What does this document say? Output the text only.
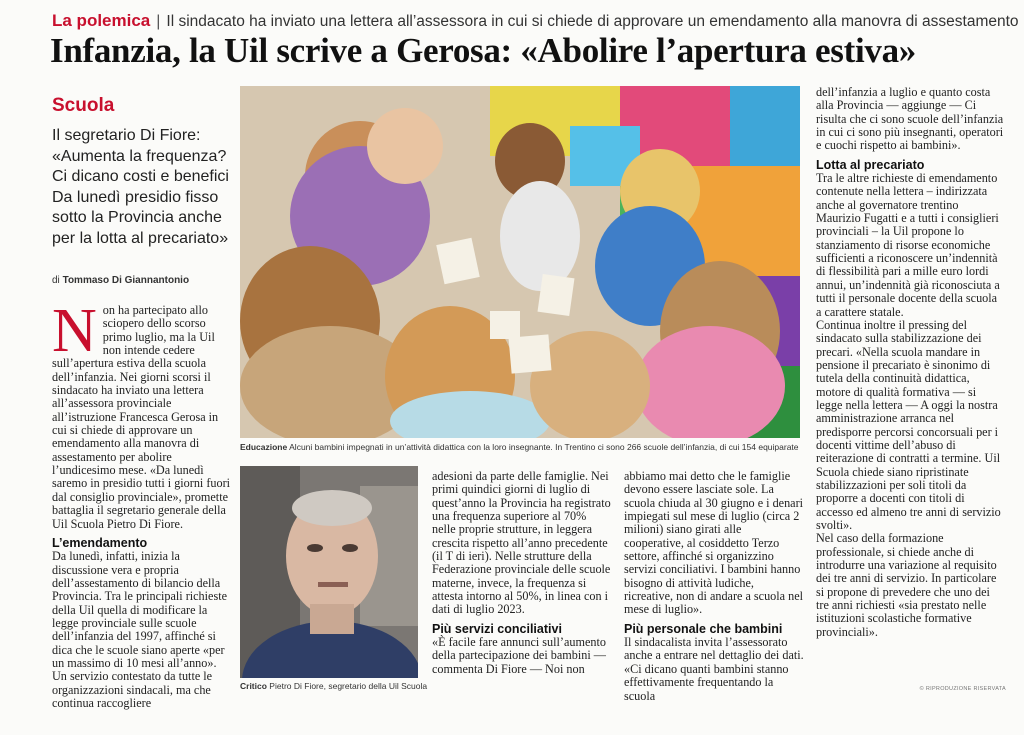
La polemica | Il sindacato ha inviato una lettera all’assessora in cui si chiede di approvare un emendamento alla manovra di assestamento
Infanzia, la Uil scrive a Gerosa: «Abolire l’apertura estiva»
Scuola
Il segretario Di Fiore: «Aumenta la frequenza? Ci dicano costi e benefici Da lunedì presidio fisso sotto la Provincia anche per la lotta al precariato»
di Tommaso Di Giannantonio

Non ha partecipato allo sciopero dello scorso primo luglio, ma la Uil non intende cedere sull’apertura estiva della scuola dell’infanzia. Nei giorni scorsi il sindacato ha inviato una lettera all’assessora provinciale all’istruzione Francesca Gerosa in cui si chiede di approvare un emendamento alla manovra di assestamento per abolire l’undicesimo mese. «Da lunedì saremo in presidio tutti i giorni fuori dal consiglio provinciale», promette battaglia il segretario generale della Uil Scuola Pietro Di Fiore.

L’emendamento

Da lunedì, infatti, inizia la discussione vera e propria dell’assestamento di bilancio della Provincia. Tra le principali richieste della Uil quella di modificare la legge provinciale sulle scuole dell’infanzia del 1997, affinché si dica che le scuole siano aperte «per un massimo di 10 mesi all’anno». Un servizio contestato da tutte le organizzazioni sindacali, ma che continua raccogliere

Educazione Alcuni bambini impegnati in un’attività didattica con la loro insegnante. In Trentino ci sono 266 scuole dell’infanzia, di cui 154 equiparate
Critico Pietro Di Fiore, segretario della Uil Scuola

adesioni da parte delle famiglie. Nei primi quindici giorni di luglio di quest’anno la Provincia ha registrato una frequenza superiore al 70% nelle proprie strutture, in leggera crescita rispetto all’anno precedente (il T di ieri). Nelle strutture della Federazione provinciale delle scuole materne, invece, la frequenza si attesta intorno al 50%, in linea con i dati di luglio 2023.

Più servizi conciliativi

«È facile fare annunci sull’aumento della partecipazione dei bambini — commenta Di Fiore — Noi non

abbiamo mai detto che le famiglie devono essere lasciate sole. La scuola chiuda al 30 giugno e i denari impiegati sul mese di luglio (circa 2 milioni) siano girati alle cooperative, al cosiddetto Terzo settore, affinché si organizzino servizi conciliativi. I bambini hanno bisogno di attività ludiche, ricreative, non di andare a scuola nel mese di luglio».

Più personale che bambini

Il sindacalista invita l’assessorato anche a entrare nel dettaglio dei dati. «Ci dicano quanti bambini stanno effettivamente frequentando la scuola

dell’infanzia a luglio e quanto costa alla Provincia — aggiunge — Ci risulta che ci sono scuole dell’infanzia in cui ci sono più insegnanti, operatori e cuochi rispetto ai bambini».

Lotta al precariato

Tra le altre richieste di emendamento contenute nella lettera – indirizzata anche al governatore trentino Maurizio Fugatti e a tutti i consiglieri provinciali – la Uil propone lo stanziamento di risorse economiche sufficienti a riconoscere un’indennità di flessibilità pari a mille euro lordi annui, un’indennità già riconosciuta a tutti il personale docente della scuola a carattere statale.

Continua inoltre il pressing del sindacato sulla stabilizzazione dei precari. «Nella scuola mandare in pensione il precariato è sinonimo di tutela della continuità didattica, motore di qualità formativa — si legge nella lettera — A oggi la nostra amministrazione arranca nel predisporre percorsi concorsuali per i docenti vittime dell’abuso di reiterazione di contratti a termine. Uil Scuola chiede siano ripristinate stabilizzazioni per soli titoli da proporre a docenti con titoli di accesso ed almeno tre anni di servizio svolti».

Nel caso della formazione professionale, si chiede anche di introdurre una variazione al requisito dei tre anni di servizio. In particolare si propone di prevedere che uno dei tre anni richiesti «sia prestato nelle istituzioni scolastiche formative provinciali».

© RIPRODUZIONE RISERVATA
